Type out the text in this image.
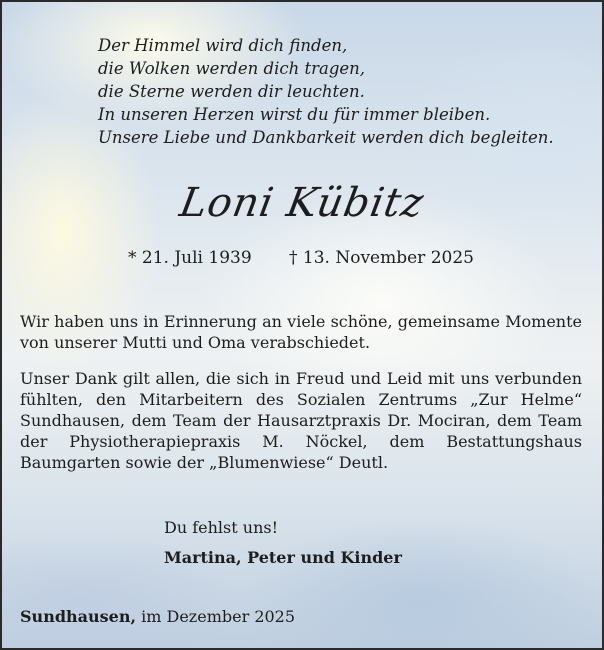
Der Himmel wird dich finden,
die Wolken werden dich tragen,
die Sterne werden dir leuchten.
In unseren Herzen wirst du für immer bleiben.
Unsere Liebe und Dankbarkeit werden dich begleiten.
Loni Kübitz
* 21. Juli 1939 † 13. November 2025
Wir haben uns in Erinnerung an viele schöne, gemeinsame Momente von unserer Mutti und Oma verabschiedet.
Unser Dank gilt allen, die sich in Freud und Leid mit uns verbunden fühlten, den Mitarbeitern des Sozialen Zentrums „Zur Helme“ Sundhausen, dem Team der Hausarztpraxis Dr. Mociran, dem Team der Physiotherapiepraxis M. Nöckel, dem Bestattungshaus Baumgarten sowie der „Blumenwiese“ Deutl.
Du fehlst uns!
Martina, Peter und Kinder
Sundhausen, im Dezember 2025
